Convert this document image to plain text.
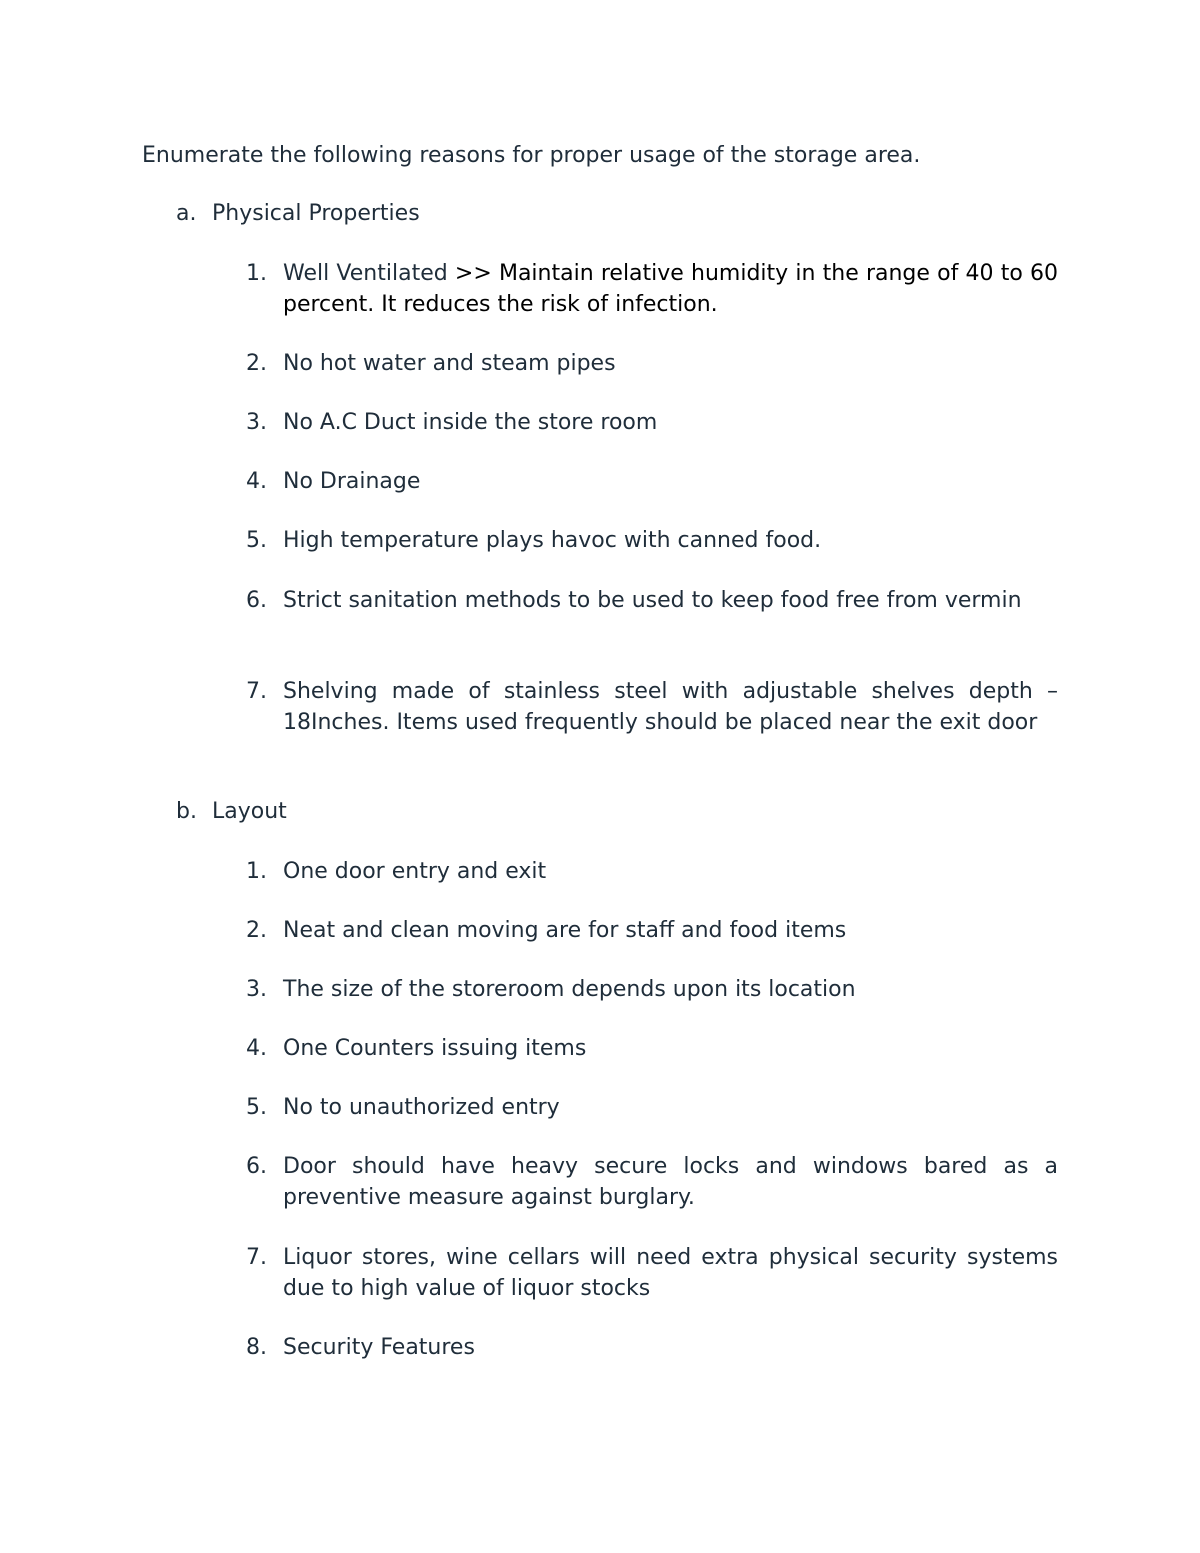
Enumerate the following reasons for proper usage of the storage area.
a. Physical Properties
1. Well Ventilated >> Maintain relative humidity in the range of 40 to 60 percent. It reduces the risk of infection.
2. No hot water and steam pipes
3. No A.C Duct inside the store room
4. No Drainage
5. High temperature plays havoc with canned food.
6. Strict sanitation methods to be used to keep food free from vermin
7. Shelving made of stainless steel with adjustable shelves depth – 18Inches. Items used frequently should be placed near the exit door
b. Layout
1. One door entry and exit
2. Neat and clean moving are for staff and food items
3. The size of the storeroom depends upon its location
4. One Counters issuing items
5. No to unauthorized entry
6. Door should have heavy secure locks and windows bared as a preventive measure against burglary.
7. Liquor stores, wine cellars will need extra physical security systems due to high value of liquor stocks
8. Security Features
